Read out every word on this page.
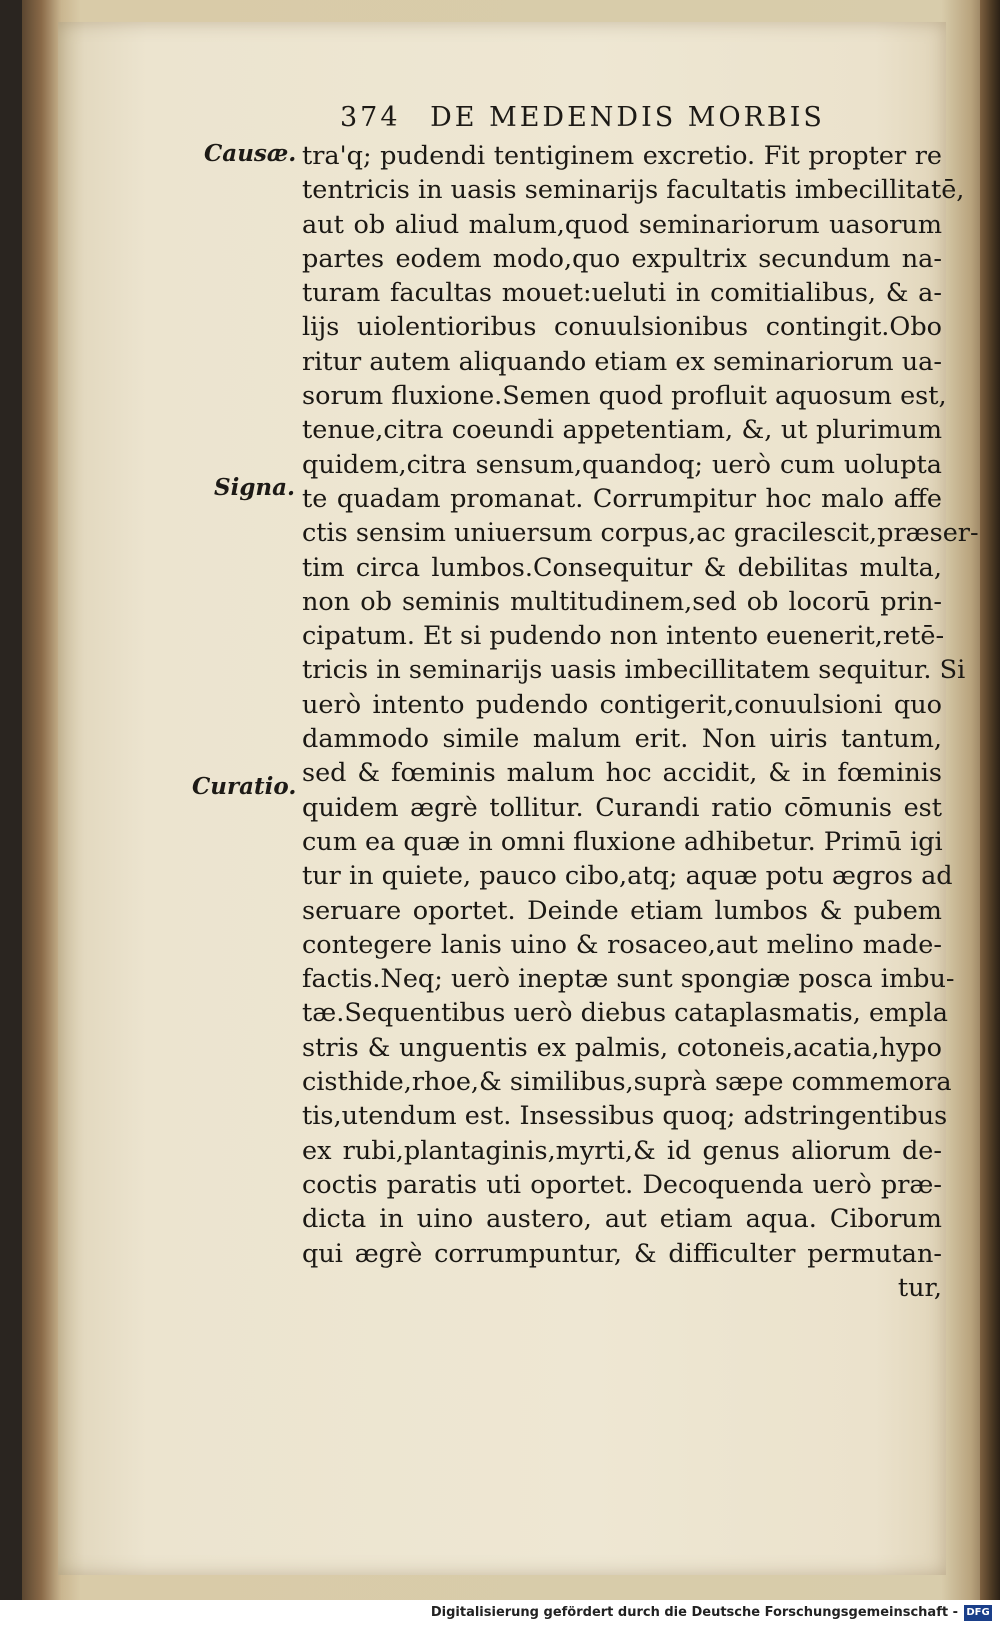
374 DE MEDENDIS MORBIS
Causæ.
Signa.
Curatio.
tra'q; pudendi tentiginem excretio. Fit propter re
tentricis in uasis seminarijs facultatis imbecillitatē,
aut ob aliud malum,quod seminariorum uasorum
partes eodem modo,quo expultrix secundum na-
turam facultas mouet:ueluti in comitialibus, & a-
lijs uiolentioribus conuulsionibus contingit.Obo
ritur autem aliquando etiam ex seminariorum ua-
sorum fluxione.Semen quod profluit aquosum est,
tenue,citra coeundi appetentiam, &, ut plurimum
quidem,citra sensum,quandoq; uerò cum uolupta
te quadam promanat. Corrumpitur hoc malo affe
ctis sensim uniuersum corpus,ac gracilescit,præser-
tim circa lumbos.Consequitur & debilitas multa,
non ob seminis multitudinem,sed ob locorū prin-
cipatum. Et si pudendo non intento euenerit,retē-
tricis in seminarijs uasis imbecillitatem sequitur. Si
uerò intento pudendo contigerit,conuulsioni quo
dammodo simile malum erit. Non uiris tantum,
sed & fœminis malum hoc accidit, & in fœminis
quidem ægrè tollitur. Curandi ratio cōmunis est
cum ea quæ in omni fluxione adhibetur. Primū igi
tur in quiete, pauco cibo,atq; aquæ potu ægros ad
seruare oportet. Deinde etiam lumbos & pubem
contegere lanis uino & rosaceo,aut melino made-
factis.Neq; uerò ineptæ sunt spongiæ posca imbu-
tæ.Sequentibus uerò diebus cataplasmatis, empla
stris & unguentis ex palmis, cotoneis,acatia,hypo
cisthide,rhoe,& similibus,suprà sæpe commemora
tis,utendum est. Insessibus quoq; adstringentibus
ex rubi,plantaginis,myrti,& id genus aliorum de-
coctis paratis uti oportet. Decoquenda uerò præ-
dicta in uino austero, aut etiam aqua. Ciborum
qui ægrè corrumpuntur, & difficulter permutan-
tur,
Digitalisierung gefördert durch die Deutsche Forschungsgemeinschaft - DFG
